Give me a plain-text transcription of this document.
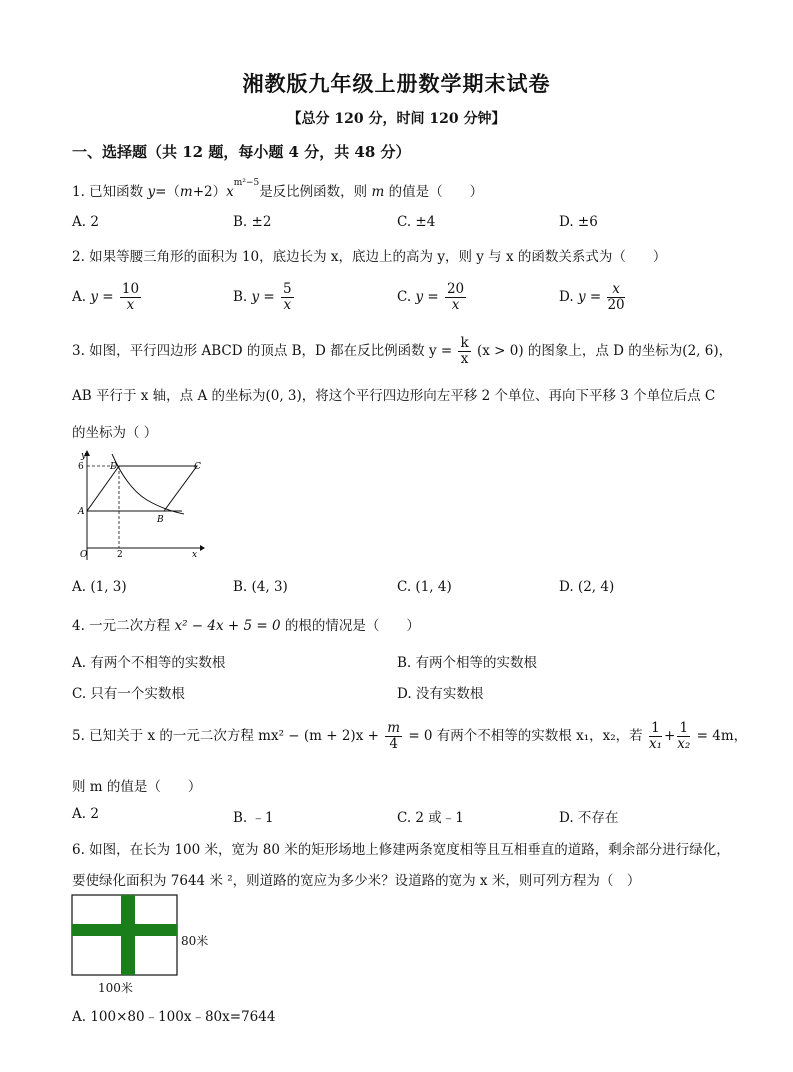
湘教版九年级上册数学期末试卷
【总分 120 分，时间 120 分钟】
一、选择题（共 12 题，每小题 4 分，共 48 分）
1. 已知函数 $y=(m+2)x^{m^2-5}$是反比例函数，则 m 的值是（　　）
A. 2	B. ±2	C. ±4	D. ±6
2. 如果等腰三角形的面积为 10，底边长为 x，底边上的高为 y，则 y 与 x 的函数关系式为（　　）
A. $y = \frac{10}{x}$	B. $y = \frac{5}{x}$	C. $y = \frac{20}{x}$	D. $y = \frac{x}{20}$
3. 如图，平行四边形 ABCD 的顶点 B，D 都在反比例函数 $y = \frac{k}{x} (x > 0)$ 的图象上，点 D 的坐标为(2, 6)，
AB 平行于 x 轴，点 A 的坐标为(0, 3)，将这个平行四边形向左平移 2 个单位、再向下平移 3 个单位后点 C
的坐标为（ ）
y
6	D	C
A
B
O	2	x
A. (1, 3)	B. (4, 3)	C. (1, 4)	D. (2, 4)
4. 一元二次方程 x² − 4x + 5 = 0 的根的情况是（　　）
A. 有两个不相等的实数根	B. 有两个相等的实数根
C. 只有一个实数根	D. 没有实数根
5. 已知关于 x 的一元二次方程 $mx^2 - (m + 2)x + \frac{m}{4} = 0$ 有两个不相等的实数根 x₁，x₂，若 $\frac{1}{\text{x₁}} + \frac{1}{\text{x₂}} = 4m$，
则 m 的值是（　　）
A. 2	B. ﹣1	C. 2 或﹣1	D. 不存在
6. 如图，在长为 100 米，宽为 80 米的矩形场地上修建两条宽度相等且互相垂直的道路，剩余部分进行绿化，
要使绿化面积为 7644 米 ²，则道路的宽应为多少米？设道路的宽为 x 米，则可列方程为（　）
80米
100米
A. 100×80﹣100x﹣80x=7644
